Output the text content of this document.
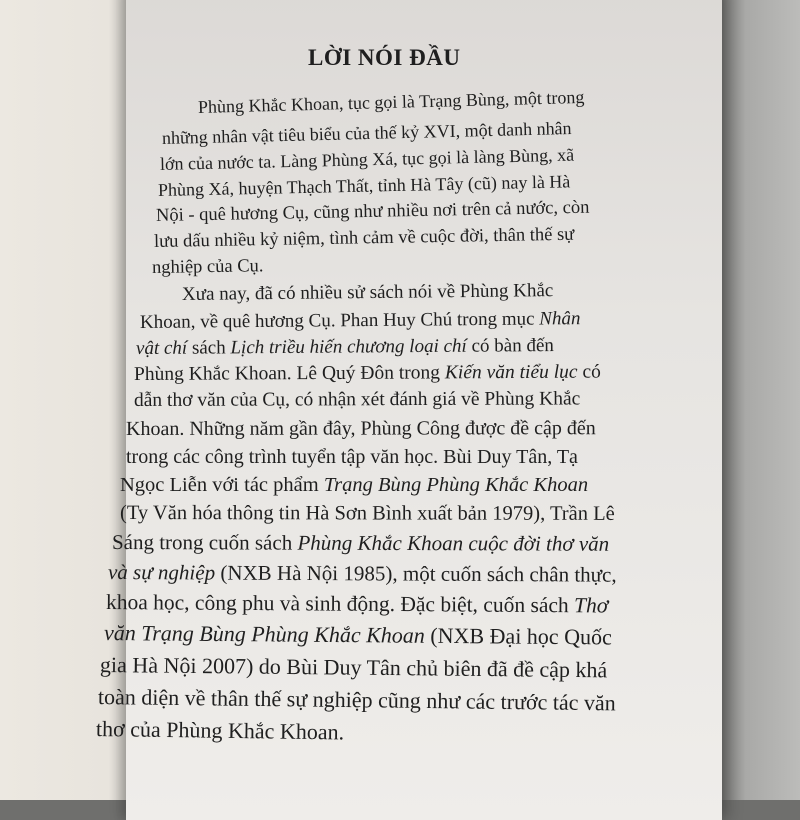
LỜI NÓI ĐẦU
Phùng Khắc Khoan, tục gọi là Trạng Bùng, một trong
những nhân vật tiêu biểu của thế kỷ XVI, một danh nhân
lớn của nước ta. Làng Phùng Xá, tục gọi là làng Bùng, xã
Phùng Xá, huyện Thạch Thất, tỉnh Hà Tây (cũ) nay là Hà
Nội - quê hương Cụ, cũng như nhiều nơi trên cả nước, còn
lưu dấu nhiều kỷ niệm, tình cảm về cuộc đời, thân thế sự
nghiệp của Cụ.
Xưa nay, đã có nhiều sử sách nói về Phùng Khắc
Khoan, về quê hương Cụ. Phan Huy Chú trong mục Nhân
vật chí sách Lịch triều hiến chương loại chí có bàn đến
Phùng Khắc Khoan. Lê Quý Đôn trong Kiến văn tiểu lục có
dẫn thơ văn của Cụ, có nhận xét đánh giá về Phùng Khắc
Khoan. Những năm gần đây, Phùng Công được đề cập đến
trong các công trình tuyển tập văn học. Bùi Duy Tân, Tạ
Ngọc Liễn với tác phẩm Trạng Bùng Phùng Khắc Khoan
(Ty Văn hóa thông tin Hà Sơn Bình xuất bản 1979), Trần Lê
Sáng trong cuốn sách Phùng Khắc Khoan cuộc đời thơ văn
và sự nghiệp (NXB Hà Nội 1985), một cuốn sách chân thực,
khoa học, công phu và sinh động. Đặc biệt, cuốn sách Thơ
văn Trạng Bùng Phùng Khắc Khoan (NXB Đại học Quốc
gia Hà Nội 2007) do Bùi Duy Tân chủ biên đã đề cập khá
toàn diện về thân thế sự nghiệp cũng như các trước tác văn
thơ của Phùng Khắc Khoan.
